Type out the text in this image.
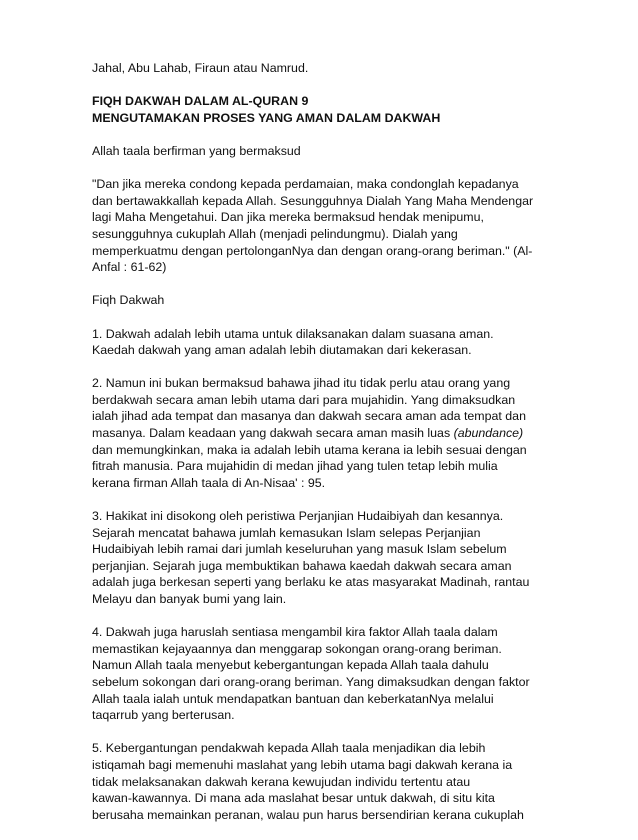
Jahal, Abu Lahab, Firaun atau Namrud.
FIQH DAKWAH DALAM AL-QURAN 9
MENGUTAMAKAN PROSES YANG AMAN DALAM DAKWAH
Allah taala berfirman yang bermaksud
"Dan jika mereka condong kepada perdamaian, maka condonglah kepadanya
dan bertawakkallah kepada Allah. Sesungguhnya Dialah Yang Maha Mendengar
lagi Maha Mengetahui. Dan jika mereka bermaksud hendak menipumu,
sesungguhnya cukuplah Allah (menjadi pelindungmu). Dialah yang
memperkuatmu dengan pertolonganNya dan dengan orang-orang beriman." (Al-
Anfal : 61-62)
Fiqh Dakwah
1. Dakwah adalah lebih utama untuk dilaksanakan dalam suasana aman.
Kaedah dakwah yang aman adalah lebih diutamakan dari kekerasan.
2. Namun ini bukan bermaksud bahawa jihad itu tidak perlu atau orang yang
berdakwah secara aman lebih utama dari para mujahidin. Yang dimaksudkan
ialah jihad ada tempat dan masanya dan dakwah secara aman ada tempat dan
masanya. Dalam keadaan yang dakwah secara aman masih luas (abundance)
dan memungkinkan, maka ia adalah lebih utama kerana ia lebih sesuai dengan
fitrah manusia. Para mujahidin di medan jihad yang tulen tetap lebih mulia
kerana firman Allah taala di An-Nisaa' : 95.
3. Hakikat ini disokong oleh peristiwa Perjanjian Hudaibiyah dan kesannya.
Sejarah mencatat bahawa jumlah kemasukan Islam selepas Perjanjian
Hudaibiyah lebih ramai dari jumlah keseluruhan yang masuk Islam sebelum
perjanjian. Sejarah juga membuktikan bahawa kaedah dakwah secara aman
adalah juga berkesan seperti yang berlaku ke atas masyarakat Madinah, rantau
Melayu dan banyak bumi yang lain.
4. Dakwah juga haruslah sentiasa mengambil kira faktor Allah taala dalam
memastikan kejayaannya dan menggarap sokongan orang-orang beriman.
Namun Allah taala menyebut kebergantungan kepada Allah taala dahulu
sebelum sokongan dari orang-orang beriman. Yang dimaksudkan dengan faktor
Allah taala ialah untuk mendapatkan bantuan dan keberkatanNya melalui
taqarrub yang berterusan.
5. Kebergantungan pendakwah kepada Allah taala menjadikan dia lebih
istiqamah bagi memenuhi maslahat yang lebih utama bagi dakwah kerana ia
tidak melaksanakan dakwah kerana kewujudan individu tertentu atau
kawan-kawannya. Di mana ada maslahat besar untuk dakwah, di situ kita
berusaha memainkan peranan, walau pun harus bersendirian kerana cukuplah
